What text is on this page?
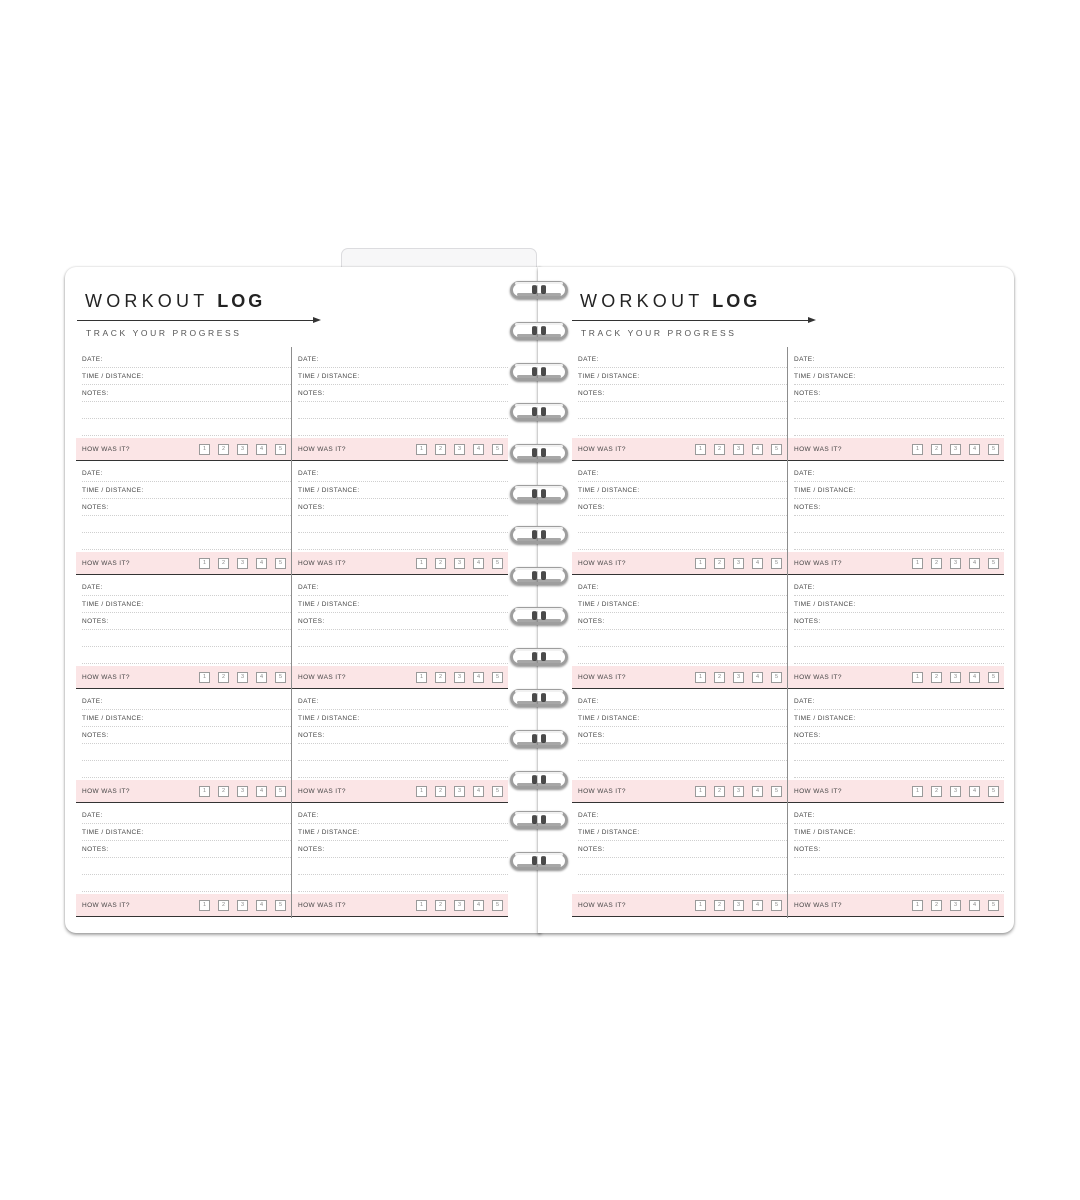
WORKOUT LOG
TRACK YOUR PROGRESS
DATE:
TIME / DISTANCE:
NOTES:
HOW WAS IT?	1	2	3	4	5
DATE:
TIME / DISTANCE:
NOTES:
HOW WAS IT?	1	2	3	4	5
DATE:
TIME / DISTANCE:
NOTES:
HOW WAS IT?	1	2	3	4	5
DATE:
TIME / DISTANCE:
NOTES:
HOW WAS IT?	1	2	3	4	5
DATE:
TIME / DISTANCE:
NOTES:
HOW WAS IT?	1	2	3	4	5
DATE:
TIME / DISTANCE:
NOTES:
HOW WAS IT?	1	2	3	4	5
DATE:
TIME / DISTANCE:
NOTES:
HOW WAS IT?	1	2	3	4	5
DATE:
TIME / DISTANCE:
NOTES:
HOW WAS IT?	1	2	3	4	5
DATE:
TIME / DISTANCE:
NOTES:
HOW WAS IT?	1	2	3	4	5
DATE:
TIME / DISTANCE:
NOTES:
HOW WAS IT?	1	2	3	4	5
WORKOUT LOG
TRACK YOUR PROGRESS
DATE:
TIME / DISTANCE:
NOTES:
HOW WAS IT?	1	2	3	4	5
DATE:
TIME / DISTANCE:
NOTES:
HOW WAS IT?	1	2	3	4	5
DATE:
TIME / DISTANCE:
NOTES:
HOW WAS IT?	1	2	3	4	5
DATE:
TIME / DISTANCE:
NOTES:
HOW WAS IT?	1	2	3	4	5
DATE:
TIME / DISTANCE:
NOTES:
HOW WAS IT?	1	2	3	4	5
DATE:
TIME / DISTANCE:
NOTES:
HOW WAS IT?	1	2	3	4	5
DATE:
TIME / DISTANCE:
NOTES:
HOW WAS IT?	1	2	3	4	5
DATE:
TIME / DISTANCE:
NOTES:
HOW WAS IT?	1	2	3	4	5
DATE:
TIME / DISTANCE:
NOTES:
HOW WAS IT?	1	2	3	4	5
DATE:
TIME / DISTANCE:
NOTES:
HOW WAS IT?	1	2	3	4	5
